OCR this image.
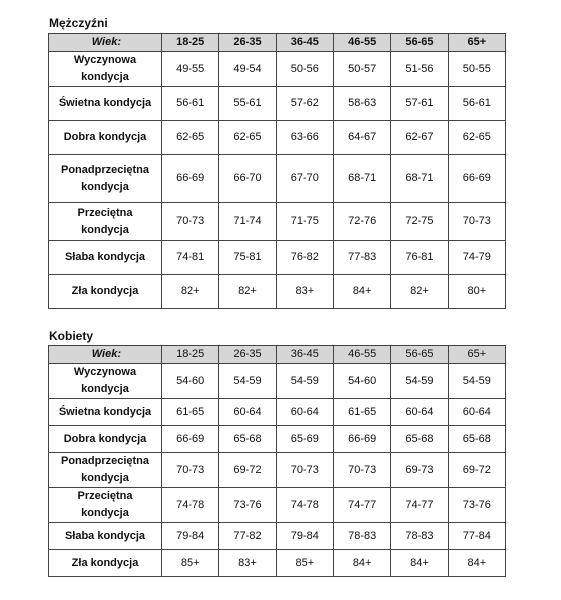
Mężczyźni
Wiek:	18-25	26-35	36-45	46-55	56-65	65+

Wyczynowa
kondycja	49-55	49-54	50-56	50-57	51-56	50-55

Świetna kondycja	56-61	55-61	57-62	58-63	57-61	56-61

Dobra kondycja	62-65	62-65	63-66	64-67	62-67	62-65

Ponadprzeciętna
kondycja	66-69	66-70	67-70	68-71	68-71	66-69

Przeciętna
kondycja	70-73	71-74	71-75	72-76	72-75	70-73

Słaba kondycja	74-81	75-81	76-82	77-83	76-81	74-79

Zła kondycja	82+	82+	83+	84+	82+	80+
Kobiety
Wiek:	18-25	26-35	36-45	46-55	56-65	65+

Wyczynowa
kondycja	54-60	54-59	54-59	54-60	54-59	54-59

Świetna kondycja	61-65	60-64	60-64	61-65	60-64	60-64

Dobra kondycja	66-69	65-68	65-69	66-69	65-68	65-68

Ponadprzeciętna
kondycja	70-73	69-72	70-73	70-73	69-73	69-72

Przeciętna
kondycja	74-78	73-76	74-78	74-77	74-77	73-76

Słaba kondycja	79-84	77-82	79-84	78-83	78-83	77-84

Zła kondycja	85+	83+	85+	84+	84+	84+
